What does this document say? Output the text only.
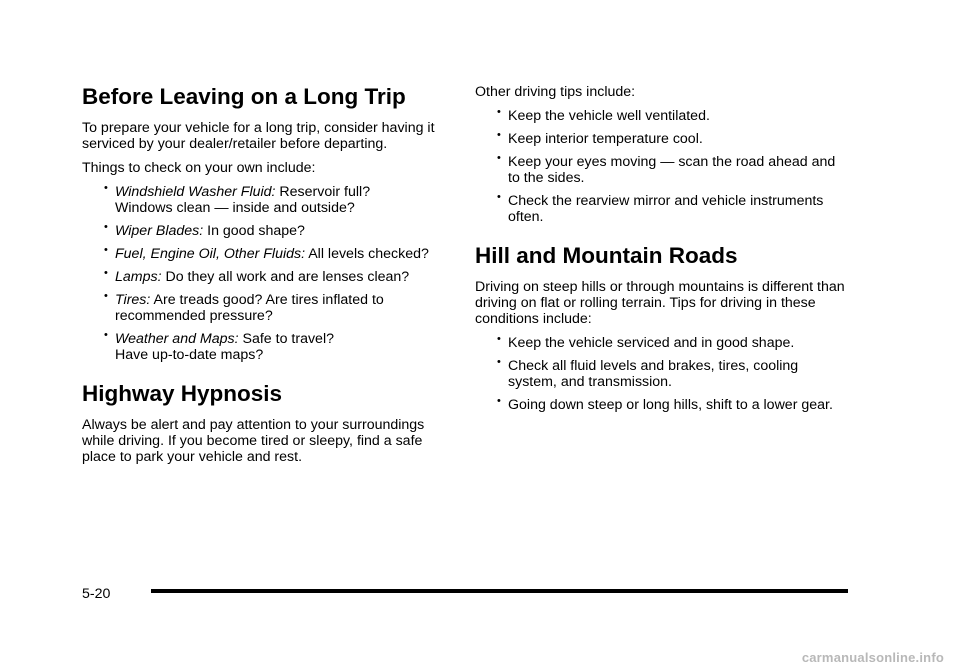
Before Leaving on a Long Trip

To prepare your vehicle for a long trip, consider having it serviced by your dealer/retailer before departing.

Things to check on your own include:

• Windshield Washer Fluid: Reservoir full?
Windows clean — inside and outside?
• Wiper Blades: In good shape?
• Fuel, Engine Oil, Other Fluids: All levels checked?
• Lamps: Do they all work and are lenses clean?
• Tires: Are treads good? Are tires inflated to
recommended pressure?
• Weather and Maps: Safe to travel?
Have up-to-date maps?
Highway Hypnosis

Always be alert and pay attention to your surroundings while driving. If you become tired or sleepy, find a safe place to park your vehicle and rest.

Other driving tips include:

• Keep the vehicle well ventilated.
• Keep interior temperature cool.
• Keep your eyes moving — scan the road ahead and to the sides.
• Check the rearview mirror and vehicle instruments often.
Hill and Mountain Roads

Driving on steep hills or through mountains is different than driving on flat or rolling terrain. Tips for driving in these conditions include:

• Keep the vehicle serviced and in good shape.
• Check all fluid levels and brakes, tires, cooling system, and transmission.
• Going down steep or long hills, shift to a lower gear.
5-20
carmanualsonline.info
